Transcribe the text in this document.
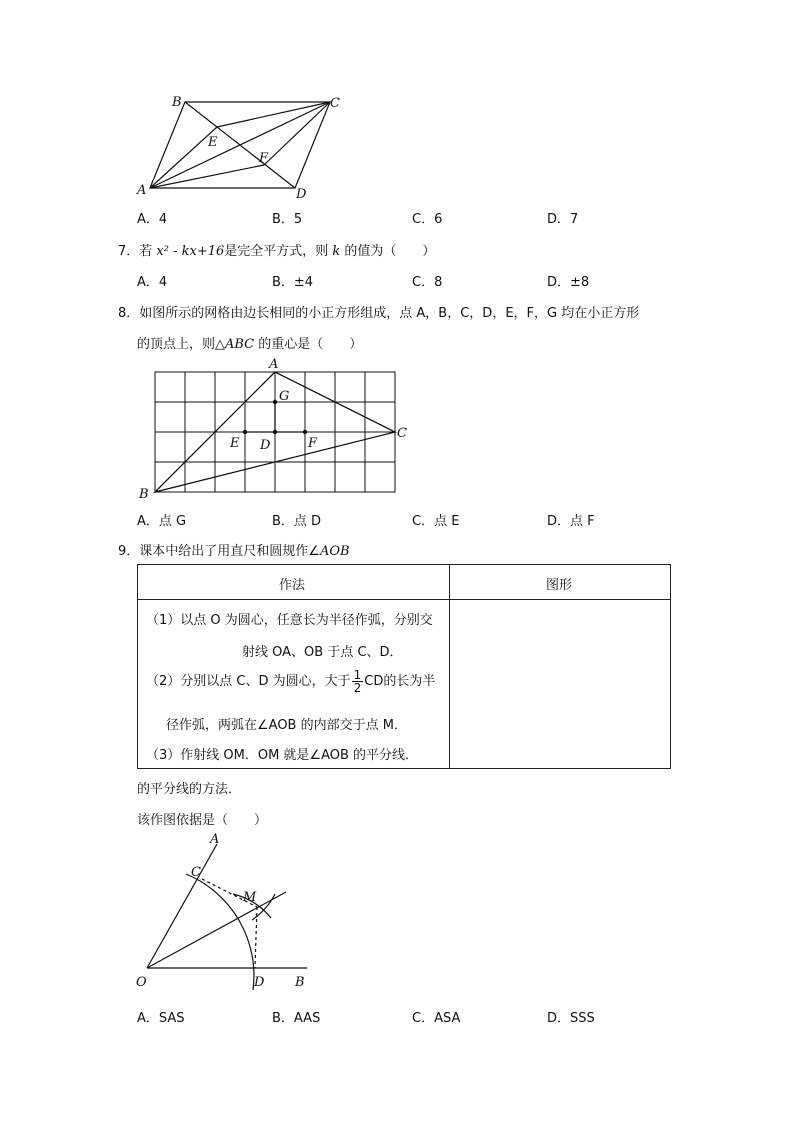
A
B	C
D
E
F
A．4	B．5	C．6	D．7
7．若 x² - kx+16是完全平方式，则 k 的值为（　　）
A．4	B．±4	C．8	D．±8
8．如图所示的网格由边长相同的小正方形组成，点 A，B，C，D，E，F，G 均在小正方形
的顶点上，则△ABC 的重心是（　　）
A
B
C
G
E D	F
A．点 G	B．点 D	C．点 E	D．点 F
9．课本中给出了用直尺和圆规作∠AOB
作法	图形
（1）以点 O 为圆心，任意长为半径作弧，分别交
射线 OA、OB 于点 C、D．
（2）分别以点 C、D 为圆心，大于 $\frac{1}{2}$ CD的长为半
径作弧，两弧在∠AOB 的内部交于点 M．
（3）作射线 OM．OM 就是∠AOB 的平分线．
的平分线的方法．
该作图依据是（　　）
A
C
M
O	D B
A．SAS	B．AAS	C．ASA	D．SSS
